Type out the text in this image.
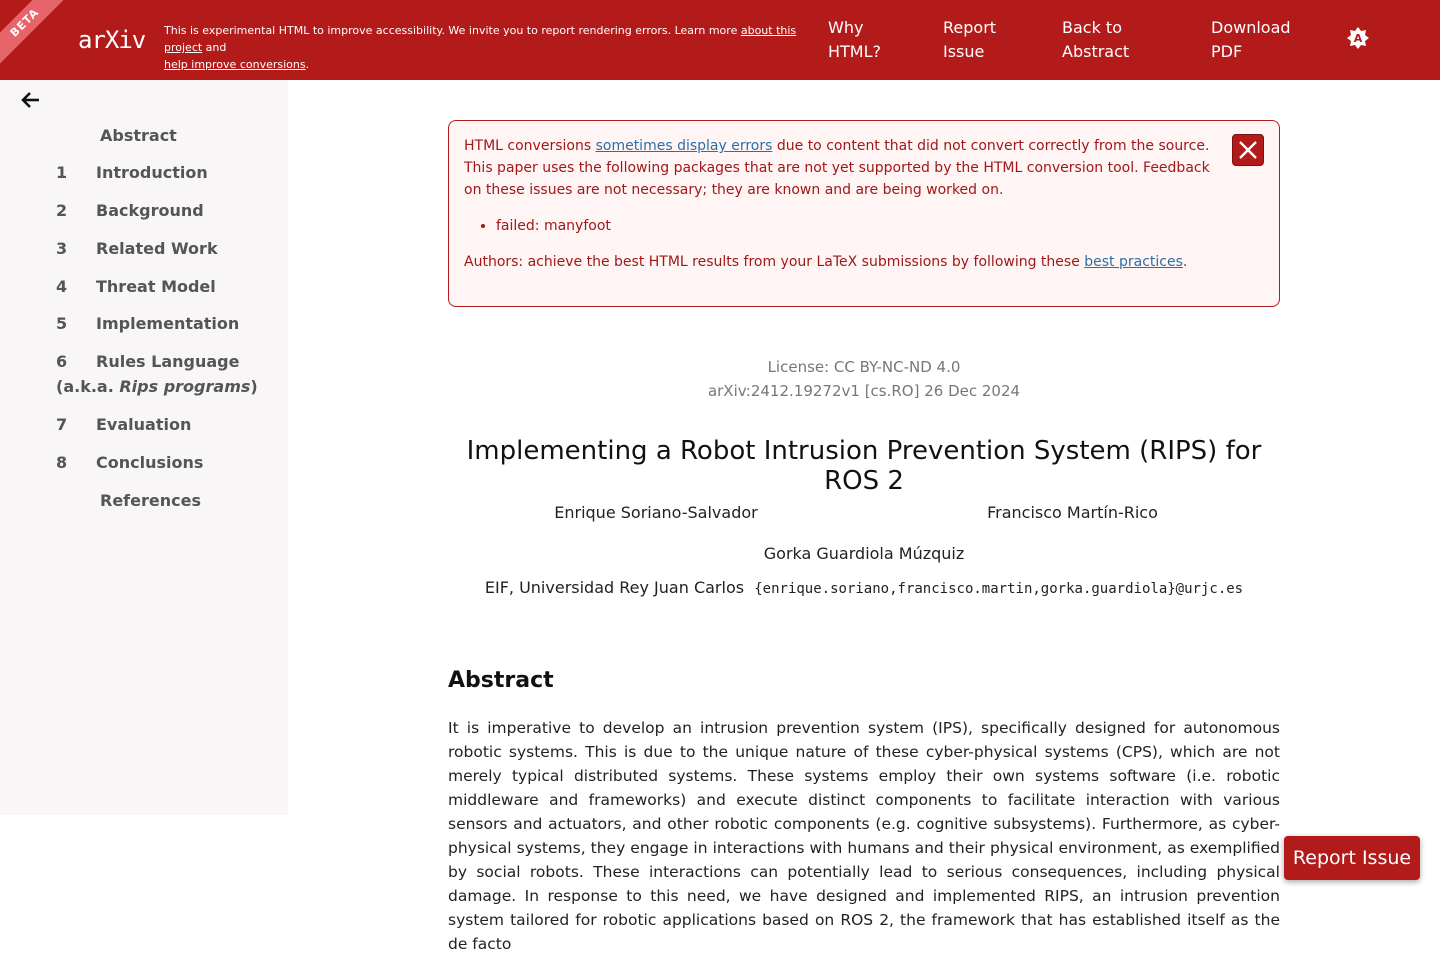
BETA
arXiv This is experimental HTML to improve accessibility. We invite you to report rendering errors. Learn more about this project and
help improve conversions.
Why
HTML?
Report
Issue
Back to
Abstract
Download
PDF
A
Abstract
1	Introduction
2	Background
3	Related Work
4	Threat Model
5	Implementation
6	Rules Language
(a.k.a. Rips programs)
7	Evaluation
8	Conclusions
References

HTML conversions sometimes display errors due to content that did not convert correctly from the source. This paper uses the following packages that are not yet supported by the HTML conversion tool. Feedback on these issues are not necessary; they are known and are being worked on.

• failed: manyfoot

Authors: achieve the best HTML results from your LaTeX submissions by following these best practices.

License: CC BY-NC-ND 4.0
arXiv:2412.19272v1 [cs.RO] 26 Dec 2024
Implementing a Robot Intrusion Prevention System (RIPS) for ROS 2
Enrique Soriano-Salvador	Francisco Martín-Rico
Gorka Guardiola Múzquiz
EIF, Universidad Rey Juan Carlos {enrique.soriano,francisco.martin,gorka.guardiola}@urjc.es
Abstract
It is imperative to develop an intrusion prevention system (IPS), specifically designed for autonomous robotic systems. This is due to the unique nature of these cyber-physical systems (CPS), which are not merely typical distributed systems. These systems employ their own systems software (i.e. robotic middleware and frameworks) and execute distinct components to facilitate interaction with various sensors and actuators, and other robotic components (e.g. cognitive subsystems). Furthermore, as cyber-physical systems, they engage in interactions with humans and their physical environment, as exemplified by social robots. These interactions can potentially lead to serious consequences, including physical damage. In response to this need, we have designed and implemented RIPS, an intrusion prevention system tailored for robotic applications based on ROS 2, the framework that has established itself as the de facto
Report Issue
